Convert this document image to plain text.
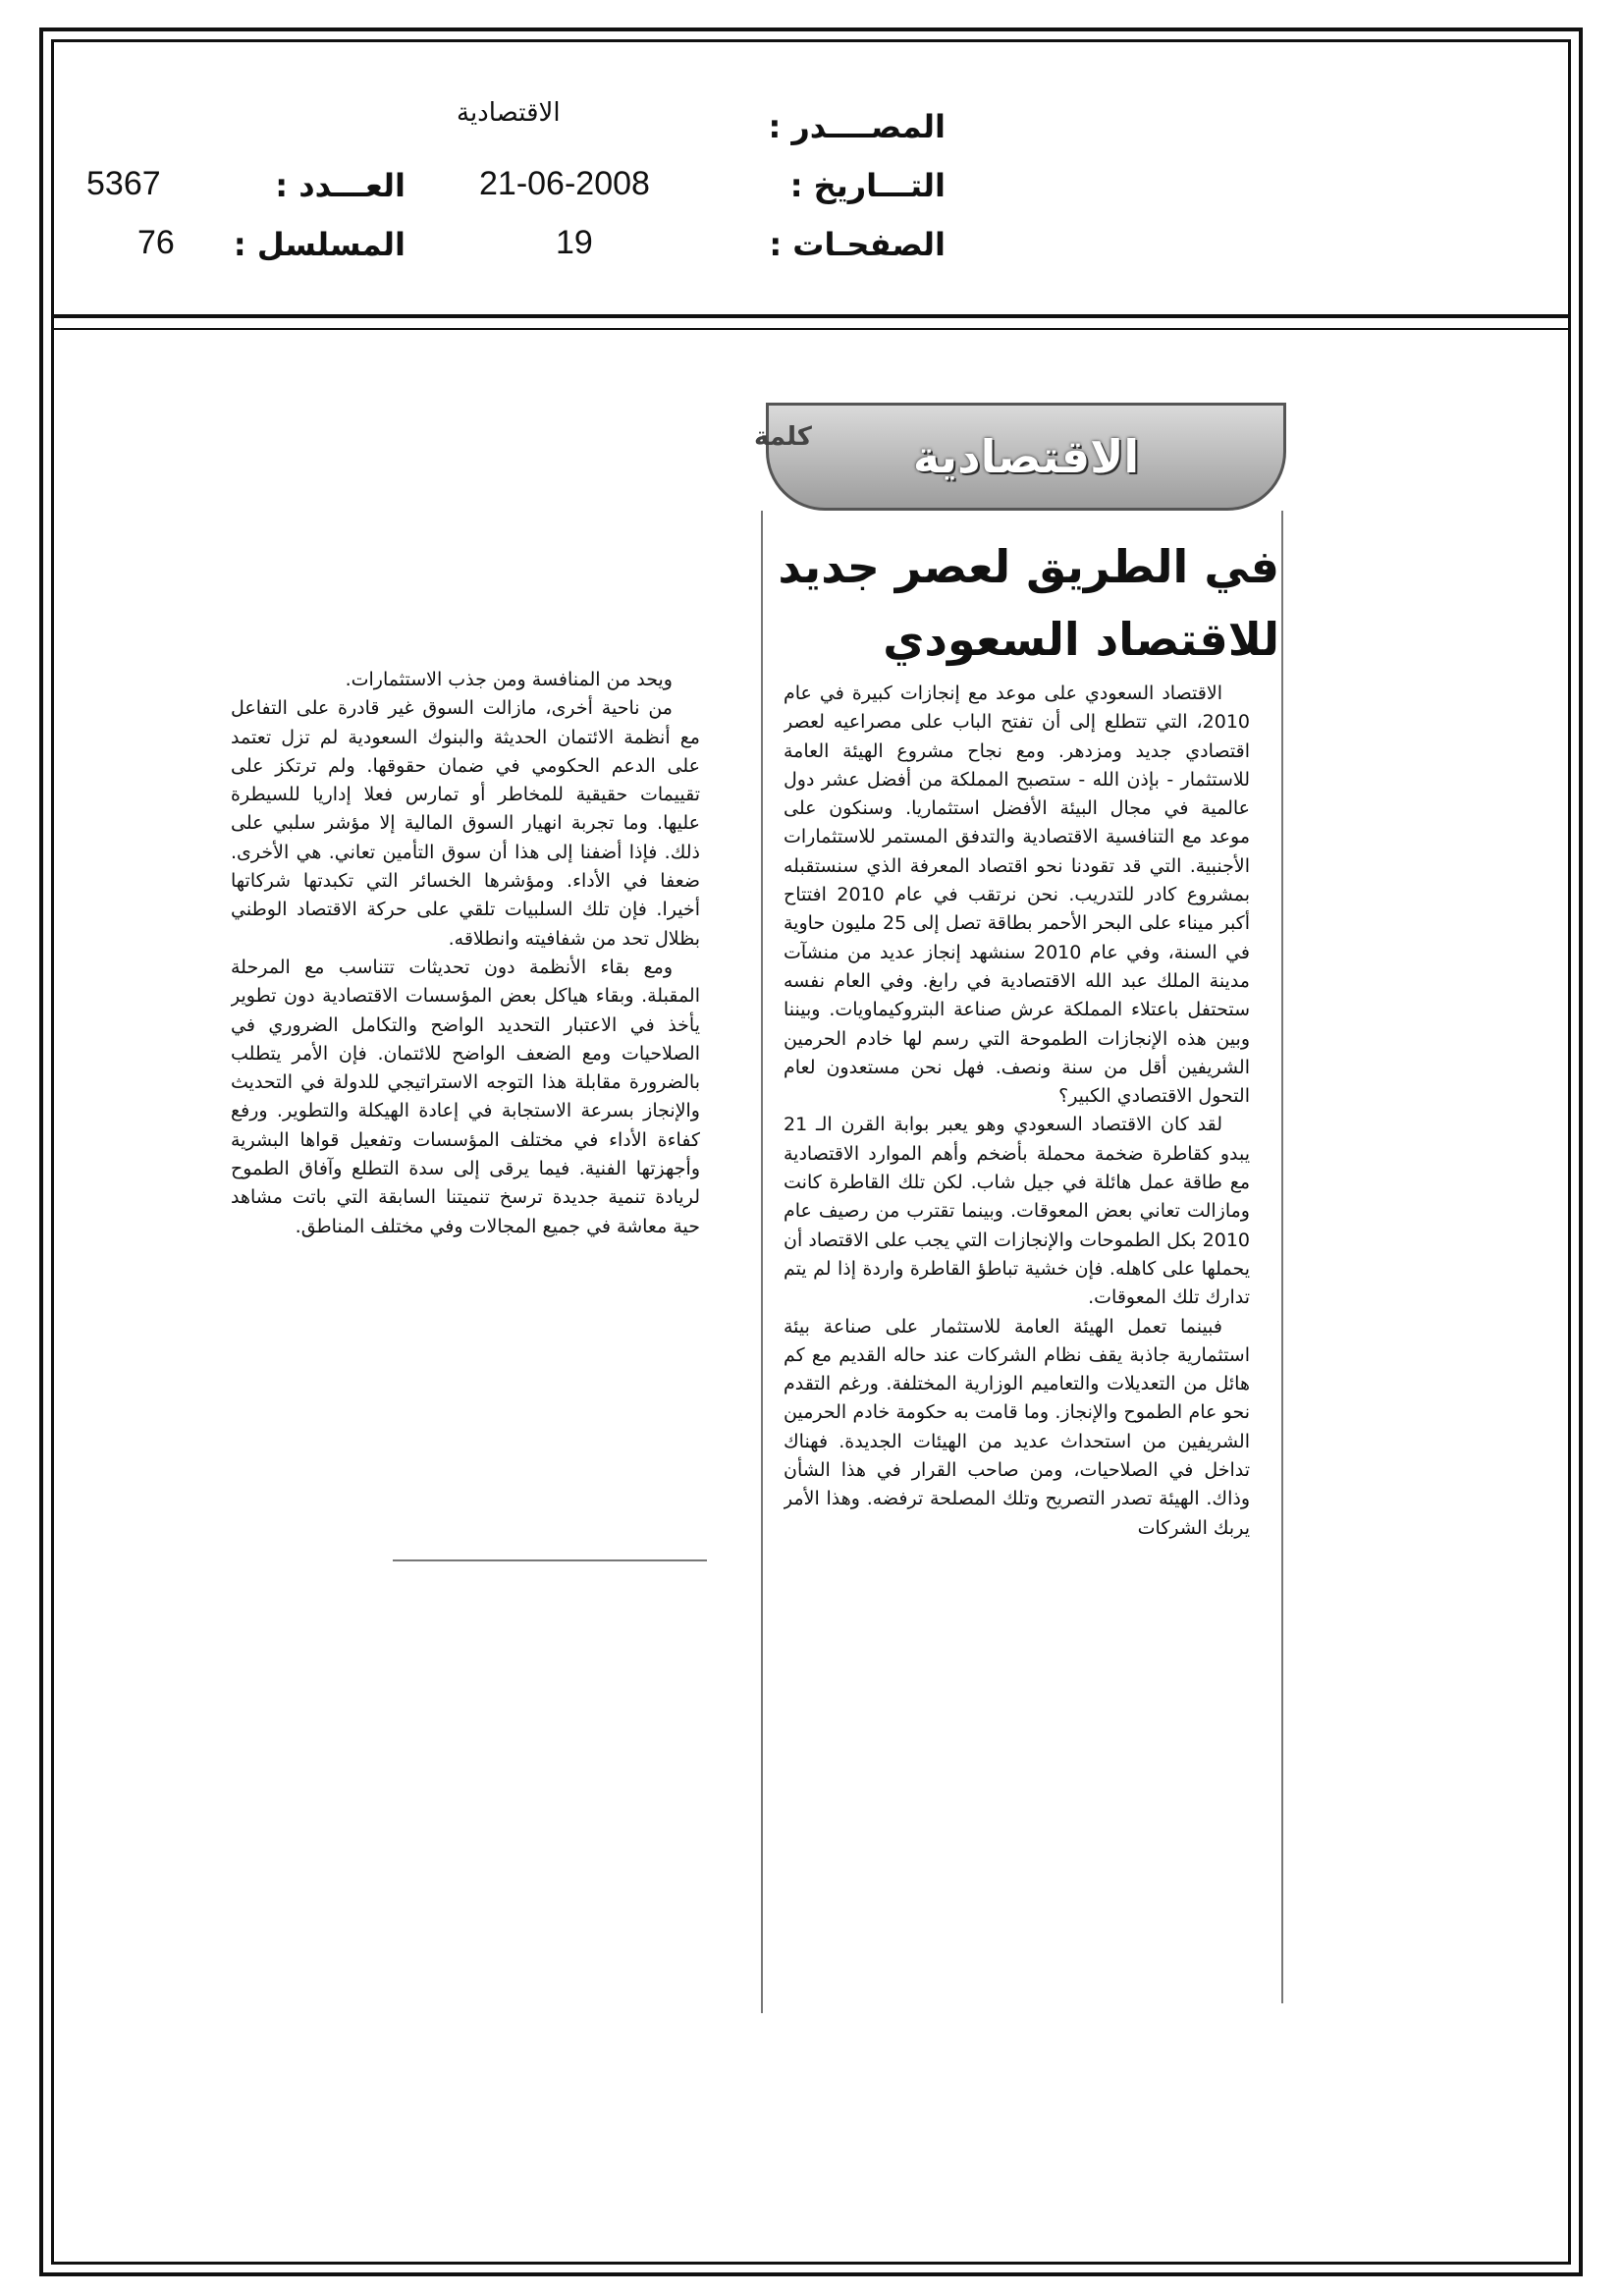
المصــــدر :
الاقتصادية
التـــاريخ :
21-06-2008
العـــدد :
5367
الصفحـات :
19
المسلسل :
76
الاقتصادية
كلمة
في الطريق لعصر جديد
للاقتصاد السعودي

الاقتصاد السعودي على موعد مع إنجازات كبيرة في عام 2010، التي تتطلع إلى أن تفتح الباب على مصراعيه لعصر اقتصادي جديد ومزدهر. ومع نجاح مشروع الهيئة العامة للاستثمار - بإذن الله - ستصبح المملكة من أفضل عشر دول عالمية في مجال البيئة الأفضل استثماريا. وسنكون على موعد مع التنافسية الاقتصادية والتدفق المستمر للاستثمارات الأجنبية. التي قد تقودنا نحو اقتصاد المعرفة الذي سنستقبله بمشروع كادر للتدريب. نحن نرتقب في عام 2010 افتتاح أكبر ميناء على البحر الأحمر بطاقة تصل إلى 25 مليون حاوية في السنة، وفي عام 2010 سنشهد إنجاز عديد من منشآت مدينة الملك عبد الله الاقتصادية في رابغ. وفي العام نفسه ستحتفل باعتلاء المملكة عرش صناعة البتروكيماويات. وبيننا وبين هذه الإنجازات الطموحة التي رسم لها خادم الحرمين الشريفين أقل من سنة ونصف. فهل نحن مستعدون لعام التحول الاقتصادي الكبير؟

لقد كان الاقتصاد السعودي وهو يعبر بوابة القرن الـ 21 يبدو كقاطرة ضخمة محملة بأضخم وأهم الموارد الاقتصادية مع طاقة عمل هائلة في جيل شاب. لكن تلك القاطرة كانت ومازالت تعاني بعض المعوقات. وبينما تقترب من رصيف عام 2010 بكل الطموحات والإنجازات التي يجب على الاقتصاد أن يحملها على كاهله. فإن خشية تباطؤ القاطرة واردة إذا لم يتم تدارك تلك المعوقات.

فبينما تعمل الهيئة العامة للاستثمار على صناعة بيئة استثمارية جاذبة يقف نظام الشركات عند حاله القديم مع كم هائل من التعديلات والتعاميم الوزارية المختلفة. ورغم التقدم نحو عام الطموح والإنجاز. وما قامت به حكومة خادم الحرمين الشريفين من استحداث عديد من الهيئات الجديدة. فهناك تداخل في الصلاحيات، ومن صاحب القرار في هذا الشأن وذاك. الهيئة تصدر التصريح وتلك المصلحة ترفضه. وهذا الأمر يربك الشركات

ويحد من المنافسة ومن جذب الاستثمارات.

من ناحية أخرى، مازالت السوق غير قادرة على التفاعل مع أنظمة الائتمان الحديثة والبنوك السعودية لم تزل تعتمد على الدعم الحكومي في ضمان حقوقها. ولم ترتكز على تقييمات حقيقية للمخاطر أو تمارس فعلا إداريا للسيطرة عليها. وما تجربة انهيار السوق المالية إلا مؤشر سلبي على ذلك. فإذا أضفنا إلى هذا أن سوق التأمين تعاني. هي الأخرى. ضعفا في الأداء. ومؤشرها الخسائر التي تكبدتها شركاتها أخيرا. فإن تلك السلبيات تلقي على حركة الاقتصاد الوطني بظلال تحد من شفافيته وانطلاقه.

ومع بقاء الأنظمة دون تحديثات تتناسب مع المرحلة المقبلة. وبقاء هياكل بعض المؤسسات الاقتصادية دون تطوير يأخذ في الاعتبار التحديد الواضح والتكامل الضروري في الصلاحيات ومع الضعف الواضح للائتمان. فإن الأمر يتطلب بالضرورة مقابلة هذا التوجه الاستراتيجي للدولة في التحديث والإنجاز بسرعة الاستجابة في إعادة الهيكلة والتطوير. ورفع كفاءة الأداء في مختلف المؤسسات وتفعيل قواها البشرية وأجهزتها الفنية. فيما يرقى إلى سدة التطلع وآفاق الطموح لريادة تنمية جديدة ترسخ تنميتنا السابقة التي باتت مشاهد حية معاشة في جميع المجالات وفي مختلف المناطق.
